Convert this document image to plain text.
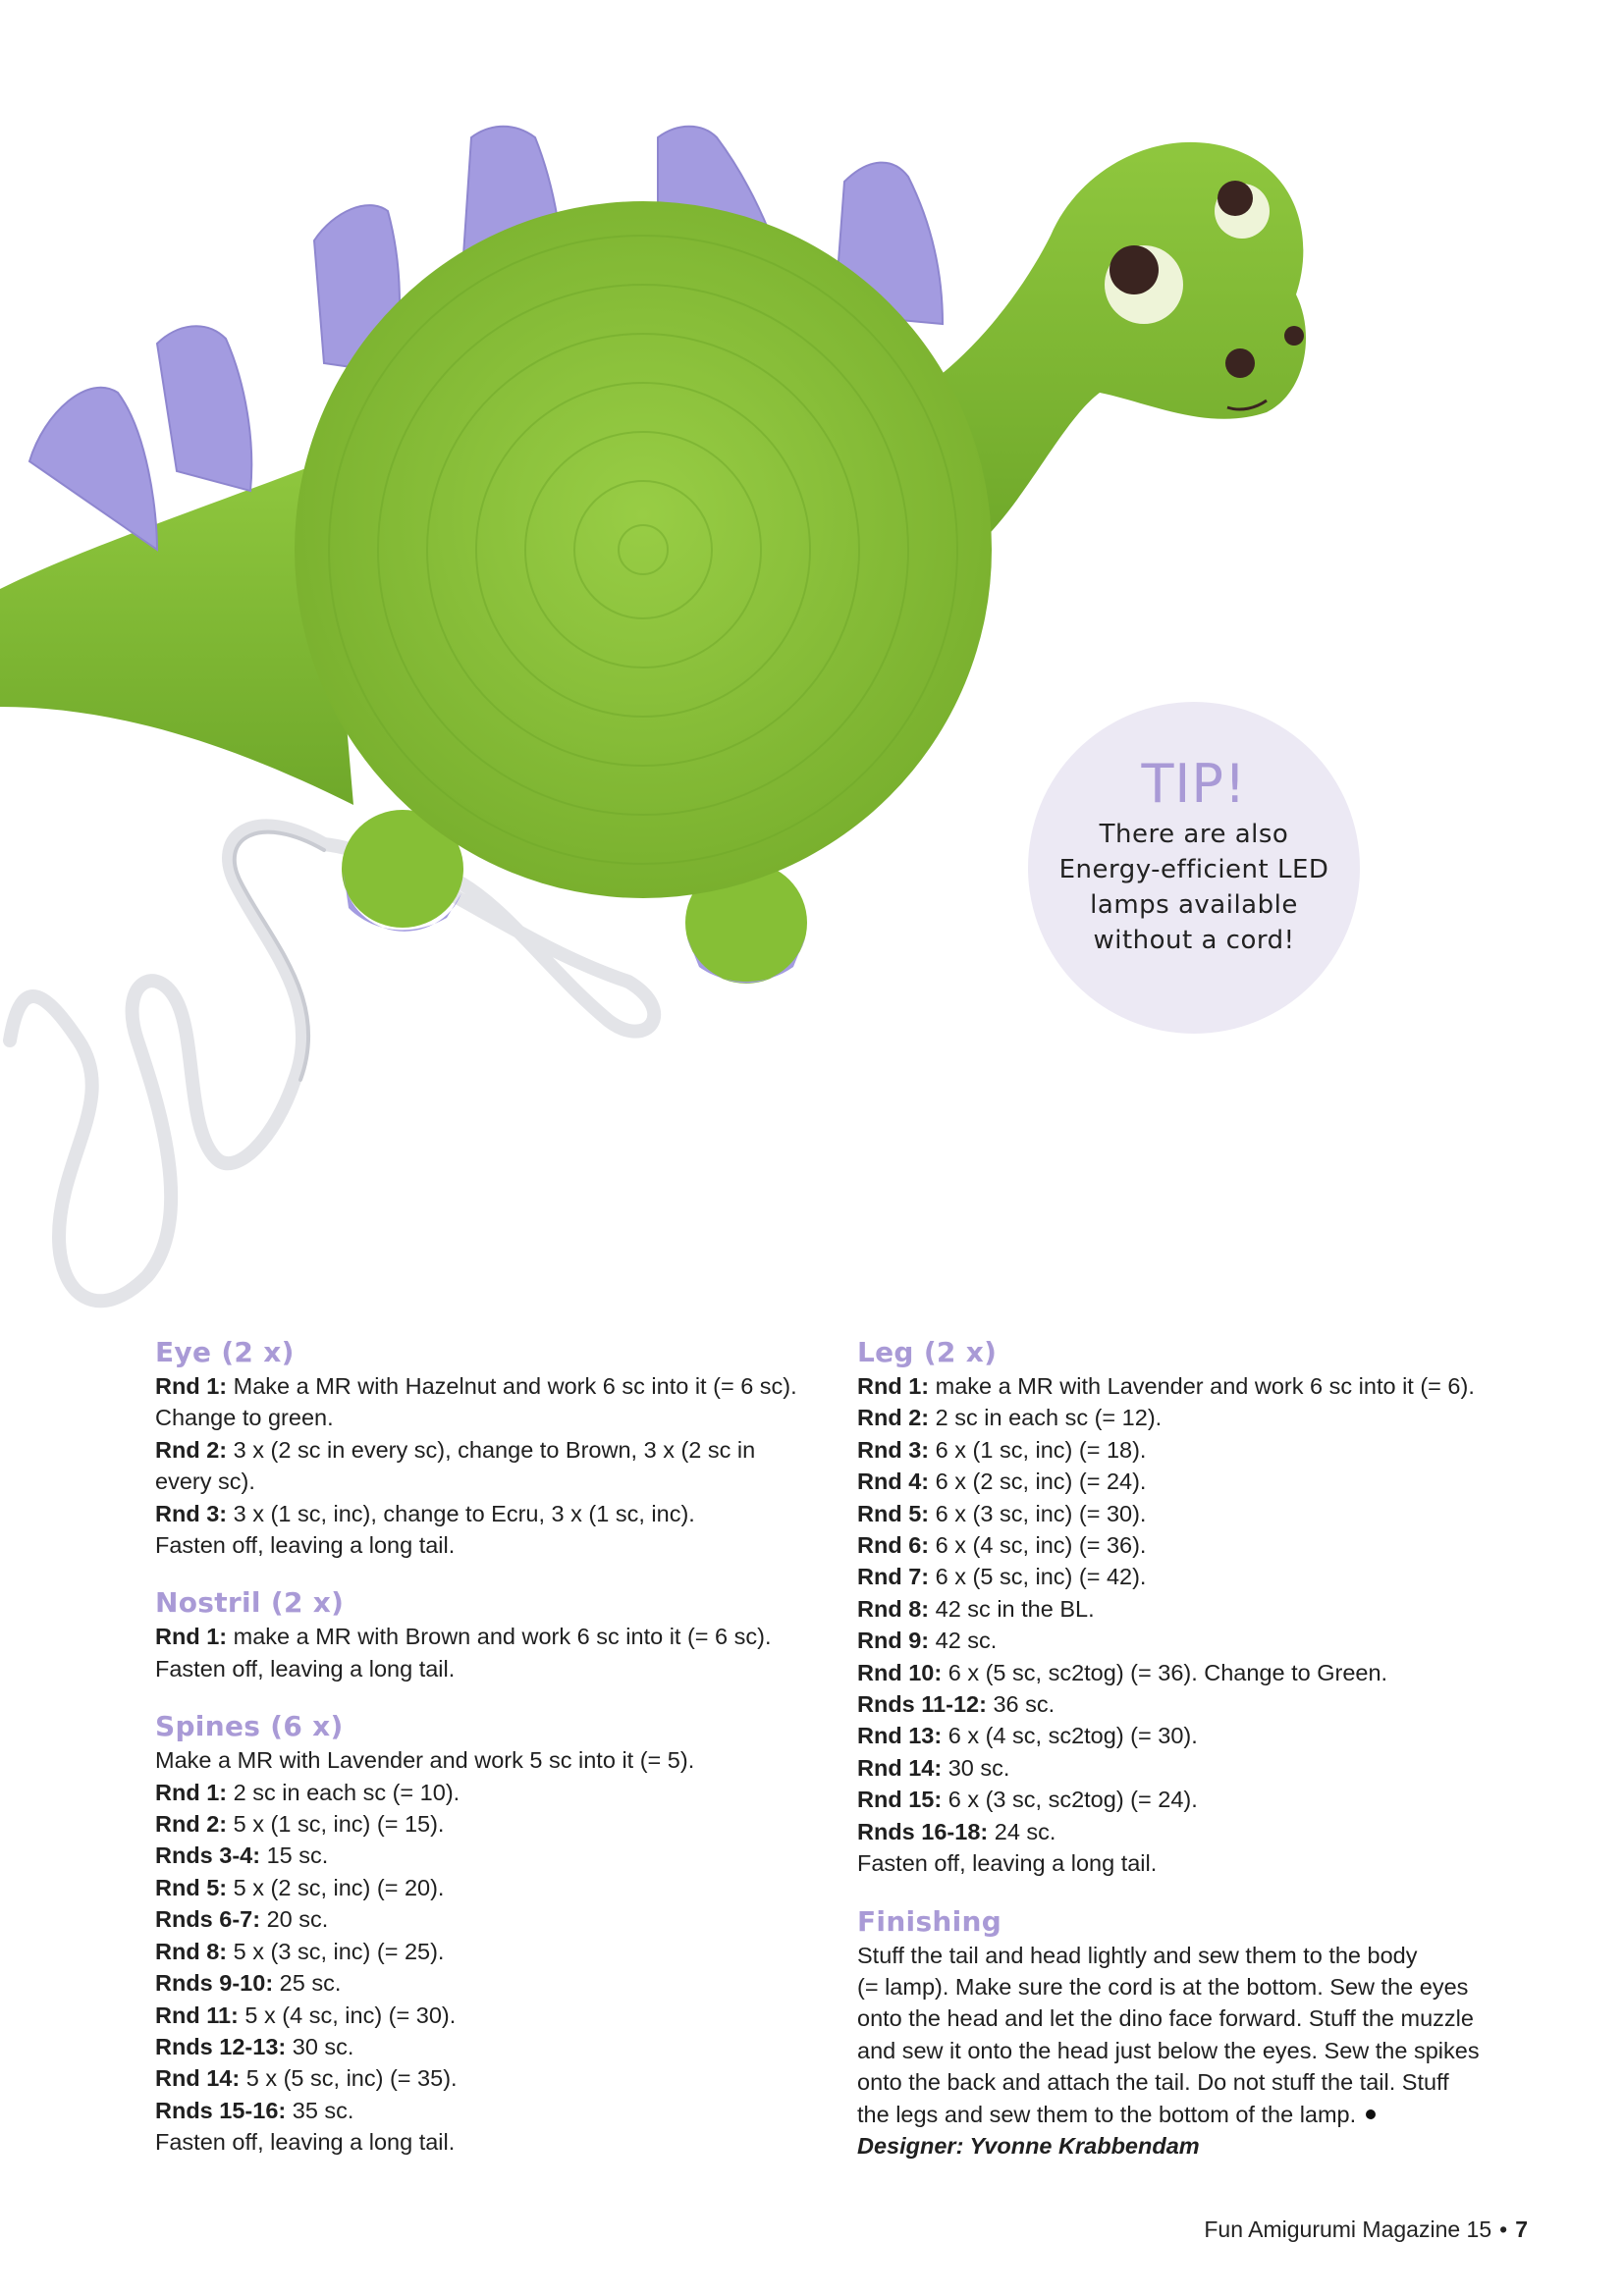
TIP!
There are also Energy-efficient LED lamps available without a cord!
Eye (2 x)
Rnd 1: Make a MR with Hazelnut and work 6 sc into it (= 6 sc).
Change to green.
Rnd 2: 3 x (2 sc in every sc), change to Brown, 3 x (2 sc in
every sc).
Rnd 3: 3 x (1 sc, inc), change to Ecru, 3 x (1 sc, inc).
Fasten off, leaving a long tail.
Nostril (2 x)
Rnd 1: make a MR with Brown and work 6 sc into it (= 6 sc).
Fasten off, leaving a long tail.
Spines (6 x)
Make a MR with Lavender and work 5 sc into it (= 5).
Rnd 1: 2 sc in each sc (= 10).
Rnd 2: 5 x (1 sc, inc) (= 15).
Rnds 3-4: 15 sc.
Rnd 5: 5 x (2 sc, inc) (= 20).
Rnds 6-7: 20 sc.
Rnd 8: 5 x (3 sc, inc) (= 25).
Rnds 9-10: 25 sc.
Rnd 11: 5 x (4 sc, inc) (= 30).
Rnds 12-13: 30 sc.
Rnd 14: 5 x (5 sc, inc) (= 35).
Rnds 15-16: 35 sc.
Fasten off, leaving a long tail.
Leg (2 x)
Rnd 1: make a MR with Lavender and work 6 sc into it (= 6).
Rnd 2: 2 sc in each sc (= 12).
Rnd 3: 6 x (1 sc, inc) (= 18).
Rnd 4: 6 x (2 sc, inc) (= 24).
Rnd 5: 6 x (3 sc, inc) (= 30).
Rnd 6: 6 x (4 sc, inc) (= 36).
Rnd 7: 6 x (5 sc, inc) (= 42).
Rnd 8: 42 sc in the BL.
Rnd 9: 42 sc.
Rnd 10: 6 x (5 sc, sc2tog) (= 36). Change to Green.
Rnds 11-12: 36 sc.
Rnd 13: 6 x (4 sc, sc2tog) (= 30).
Rnd 14: 30 sc.
Rnd 15: 6 x (3 sc, sc2tog) (= 24).
Rnds 16-18: 24 sc.
Fasten off, leaving a long tail.
Finishing
Stuff the tail and head lightly and sew them to the body
(= lamp). Make sure the cord is at the bottom. Sew the eyes
onto the head and let the dino face forward. Stuff the muzzle
and sew it onto the head just below the eyes. Sew the spikes
onto the back and attach the tail. Do not stuff the tail. Stuff
the legs and sew them to the bottom of the lamp.
Designer: Yvonne Krabbendam
Fun Amigurumi Magazine 15 • 7
